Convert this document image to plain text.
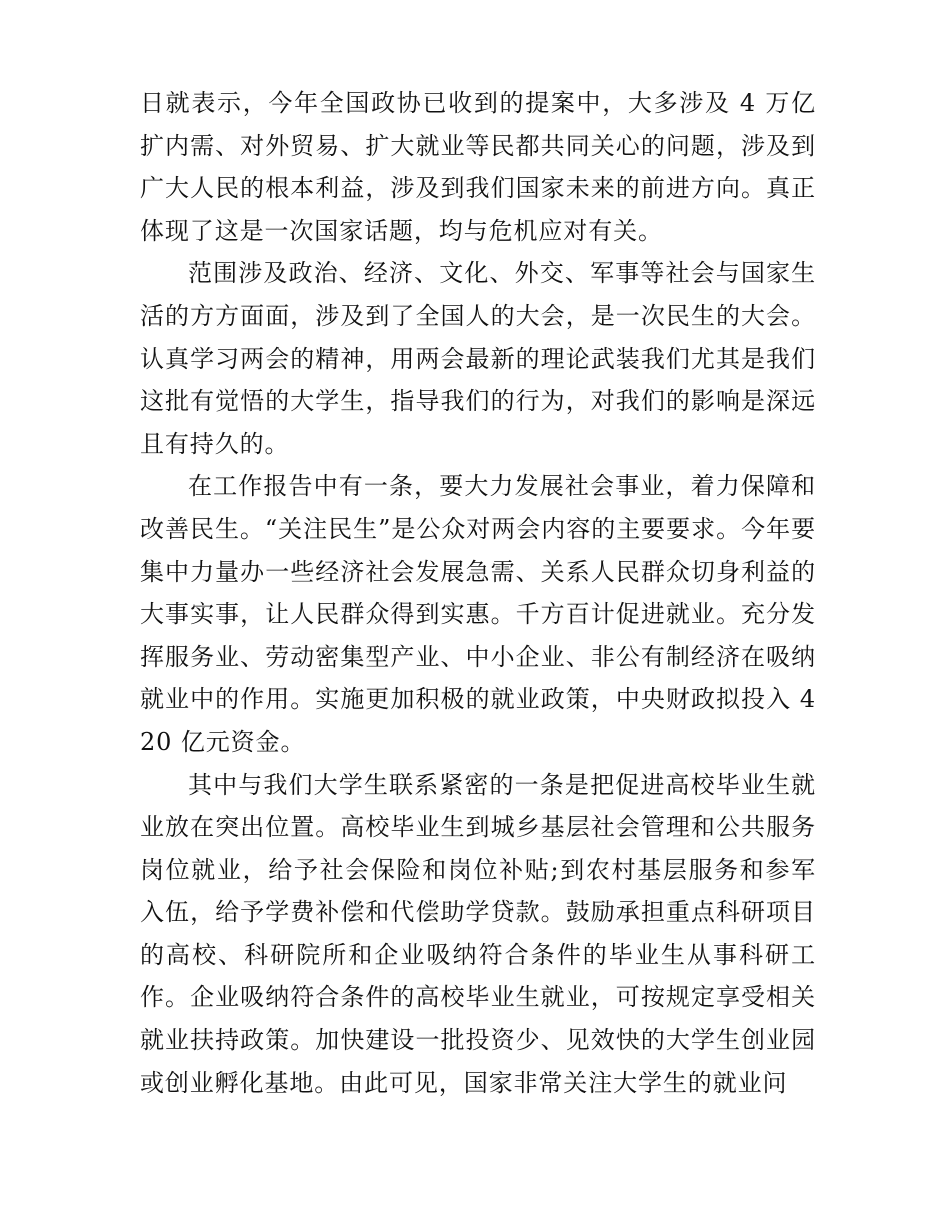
日就表示，今年全国政协已收到的提案中，大多涉及 4 万亿扩内需、对外贸易、扩大就业等民都共同关心的问题，涉及到广大人民的根本利益，涉及到我们国家未来的前进方向。真正体现了这是一次国家话题，均与危机应对有关。

范围涉及政治、经济、文化、外交、军事等社会与国家生活的方方面面，涉及到了全国人的大会，是一次民生的大会。认真学习两会的精神，用两会最新的理论武装我们尤其是我们这批有觉悟的大学生，指导我们的行为，对我们的影响是深远且有持久的。

在工作报告中有一条，要大力发展社会事业，着力保障和改善民生。“关注民生”是公众对两会内容的主要要求。今年要集中力量办一些经济社会发展急需、关系人民群众切身利益的大事实事，让人民群众得到实惠。千方百计促进就业。充分发挥服务业、劳动密集型产业、中小企业、非公有制经济在吸纳就业中的作用。实施更加积极的就业政策，中央财政拟投入 420 亿元资金。

其中与我们大学生联系紧密的一条是把促进高校毕业生就业放在突出位置。高校毕业生到城乡基层社会管理和公共服务岗位就业，给予社会保险和岗位补贴;到农村基层服务和参军入伍，给予学费补偿和代偿助学贷款。鼓励承担重点科研项目的高校、科研院所和企业吸纳符合条件的毕业生从事科研工作。企业吸纳符合条件的高校毕业生就业，可按规定享受相关就业扶持政策。加快建设一批投资少、见效快的大学生创业园或创业孵化基地。由此可见，国家非常关注大学生的就业问
